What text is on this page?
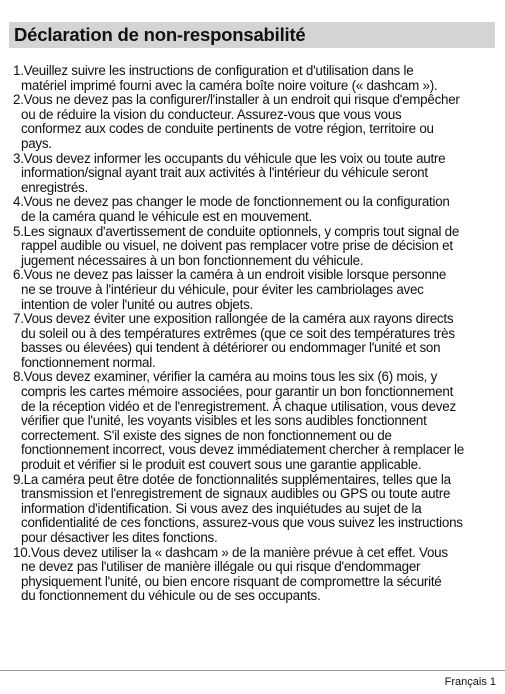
Déclaration de non-responsabilité
1.Veuillez suivre les instructions de configuration et d'utilisation dans le
matériel imprimé fourni avec la caméra boîte noire voiture (« dashcam »).
2.Vous ne devez pas la configurer/l'installer à un endroit qui risque d'empêcher
ou de réduire la vision du conducteur. Assurez-vous que vous vous
conformez aux codes de conduite pertinents de votre région, territoire ou
pays.
3.Vous devez informer les occupants du véhicule que les voix ou toute autre
information/signal ayant trait aux activités à l'intérieur du véhicule seront
enregistrés.
4.Vous ne devez pas changer le mode de fonctionnement ou la configuration
de la caméra quand le véhicule est en mouvement.
5.Les signaux d'avertissement de conduite optionnels, y compris tout signal de
rappel audible ou visuel, ne doivent pas remplacer votre prise de décision et
jugement nécessaires à un bon fonctionnement du véhicule.
6.Vous ne devez pas laisser la caméra à un endroit visible lorsque personne
ne se trouve à l'intérieur du véhicule, pour éviter les cambriolages avec
intention de voler l'unité ou autres objets.
7.Vous devez éviter une exposition rallongée de la caméra aux rayons directs
du soleil ou à des températures extrêmes (que ce soit des températures très
basses ou élevées) qui tendent à détériorer ou endommager l'unité et son
fonctionnement normal.
8.Vous devez examiner, vérifier la caméra au moins tous les six (6) mois, y
compris les cartes mémoire associées, pour garantir un bon fonctionnement
de la réception vidéo et de l'enregistrement. À chaque utilisation, vous devez
vérifier que l'unité, les voyants visibles et les sons audibles fonctionnent
correctement. S'il existe des signes de non fonctionnement ou de
fonctionnement incorrect, vous devez immédiatement chercher à remplacer le
produit et vérifier si le produit est couvert sous une garantie applicable.
9.La caméra peut être dotée de fonctionnalités supplémentaires, telles que la
transmission et l'enregistrement de signaux audibles ou GPS ou toute autre
information d'identification. Si vous avez des inquiétudes au sujet de la
confidentialité de ces fonctions, assurez-vous que vous suivez les instructions
pour désactiver les dites fonctions.
10.Vous devez utiliser la « dashcam » de la manière prévue à cet effet. Vous
ne devez pas l'utiliser de manière illégale ou qui risque d'endommager
physiquement l'unité, ou bien encore risquant de compromettre la sécurité
du fonctionnement du véhicule ou de ses occupants.
Français 1
